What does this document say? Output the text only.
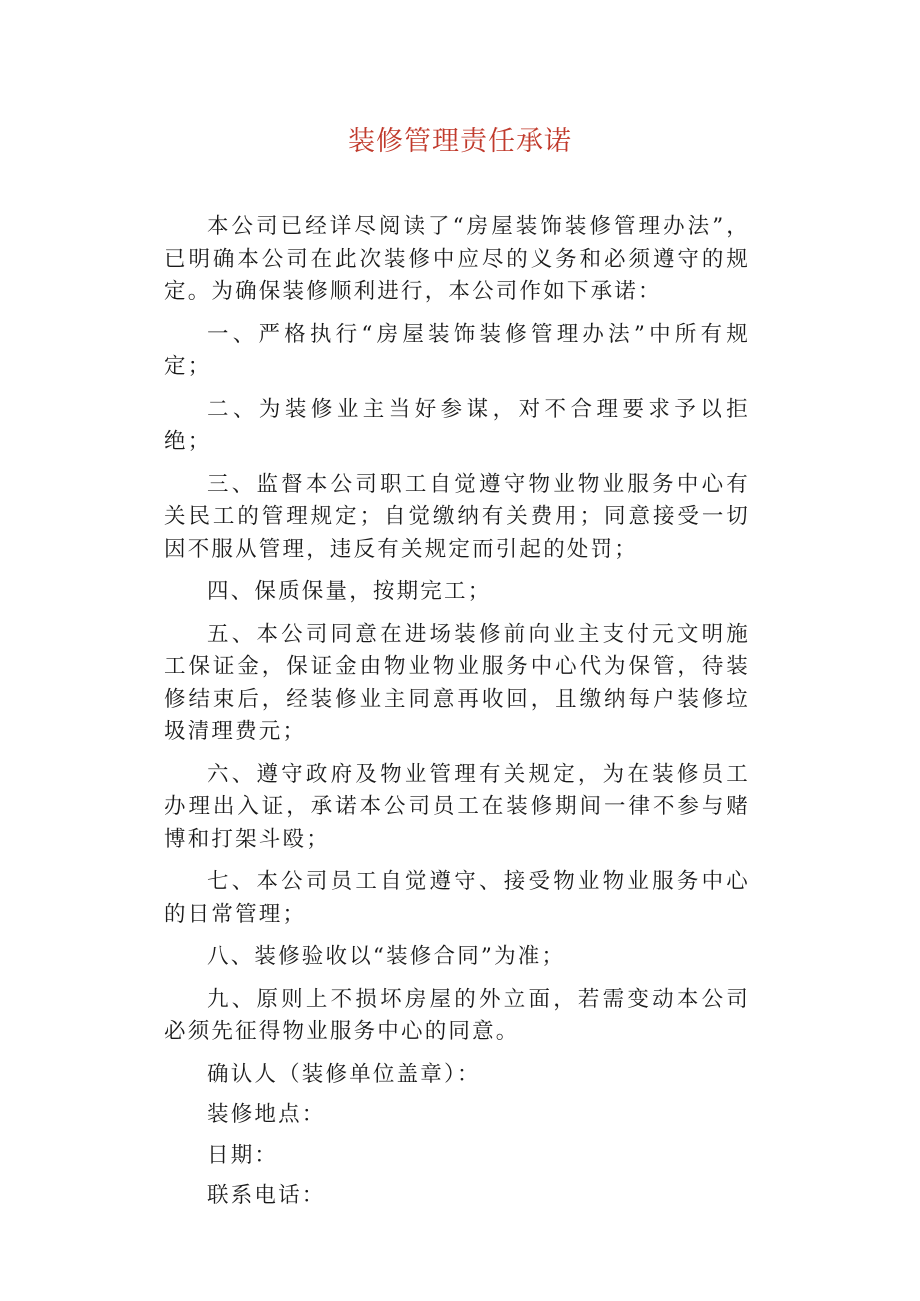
装修管理责任承诺

本公司已经详尽阅读了“房屋装饰装修管理办法”，已明确本公司在此次装修中应尽的义务和必须遵守的规定。为确保装修顺利进行，本公司作如下承诺：

一、严格执行“房屋装饰装修管理办法”中所有规定；

二、为装修业主当好参谋，对不合理要求予以拒绝；

三、监督本公司职工自觉遵守物业物业服务中心有关民工的管理规定；自觉缴纳有关费用；同意接受一切因不服从管理，违反有关规定而引起的处罚；

四、保质保量，按期完工；

五、本公司同意在进场装修前向业主支付元文明施工保证金，保证金由物业物业服务中心代为保管，待装修结束后，经装修业主同意再收回，且缴纳每户装修垃圾清理费元；

六、遵守政府及物业管理有关规定，为在装修员工办理出入证，承诺本公司员工在装修期间一律不参与赌博和打架斗殴；

七、本公司员工自觉遵守、接受物业物业服务中心的日常管理；

八、装修验收以“装修合同”为准；

九、原则上不损坏房屋的外立面，若需变动本公司必须先征得物业服务中心的同意。

确认人（装修单位盖章）：

装修地点：

日期：

联系电话：
